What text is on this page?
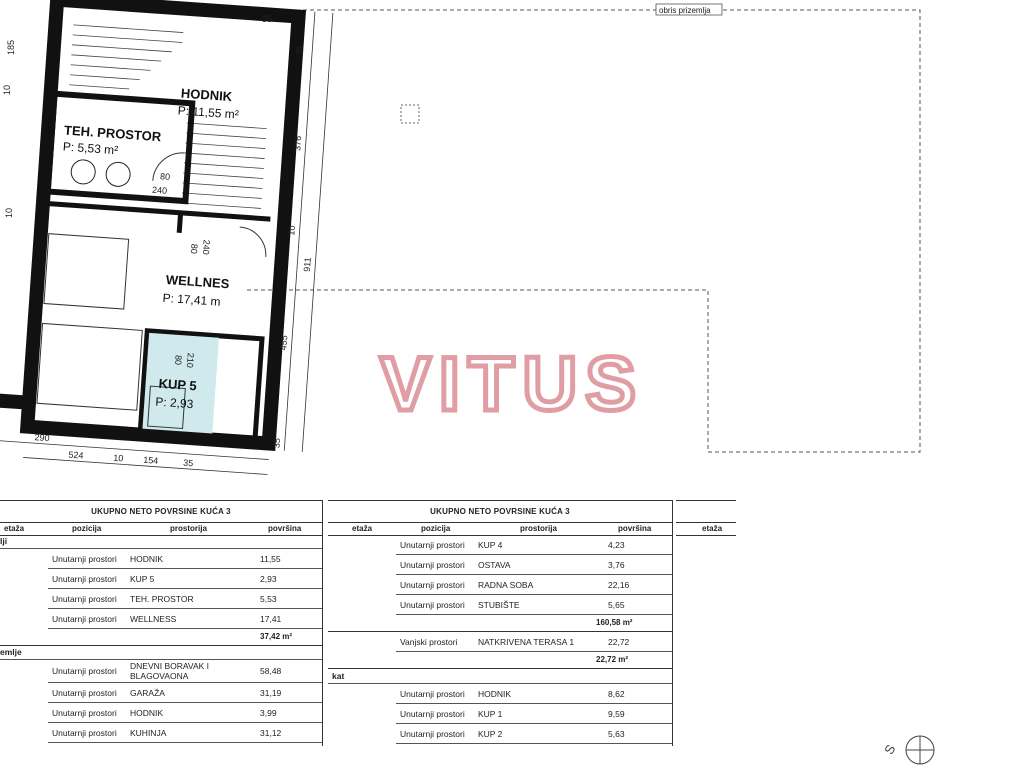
obris prizemlja
VITUS
HODNIK
P: 11,55 m²
TEH. PROSTOR
P: 5,53 m²
WELLNES
P: 17,41 m
KUP 5
P: 2,93
80
240
80 240
80 210
35
376
10
911
455
35
290
524	10 154	35
185
10
35
10
S
UKUPNO NETO POVRSINE KUĆA 3
etaža	pozicija	prostorija	površina
lji
Unutarnji prostori HODNIK	11,55
Unutarnji prostori KUP 5	2,93
Unutarnji prostori TEH. PROSTOR	5,53
Unutarnji prostori WELLNESS	17,41
37,42 m²
emlje
Unutarnji prostori DNEVNI BORAVAK I BLAGOVAONA	58,48
Unutarnji prostori GARAŽA	31,19
Unutarnji prostori HODNIK	3,99
Unutarnji prostori KUHINJA	31,12
UKUPNO NETO POVRSINE KUĆA 3
etaža	pozicija	prostorija	površina
Unutarnji prostori KUP 4	4,23
Unutarnji prostori OSTAVA	3,76
Unutarnji prostori RADNA SOBA	22,16
Unutarnji prostori STUBIŠTE	5,65
160,58 m²
Vanjski prostori NATKRIVENA TERASA 1	22,72
22,72 m²
kat
Unutarnji prostori HODNIK	8,62
Unutarnji prostori KUP 1	9,59
Unutarnji prostori KUP 2	5,63
etaža
